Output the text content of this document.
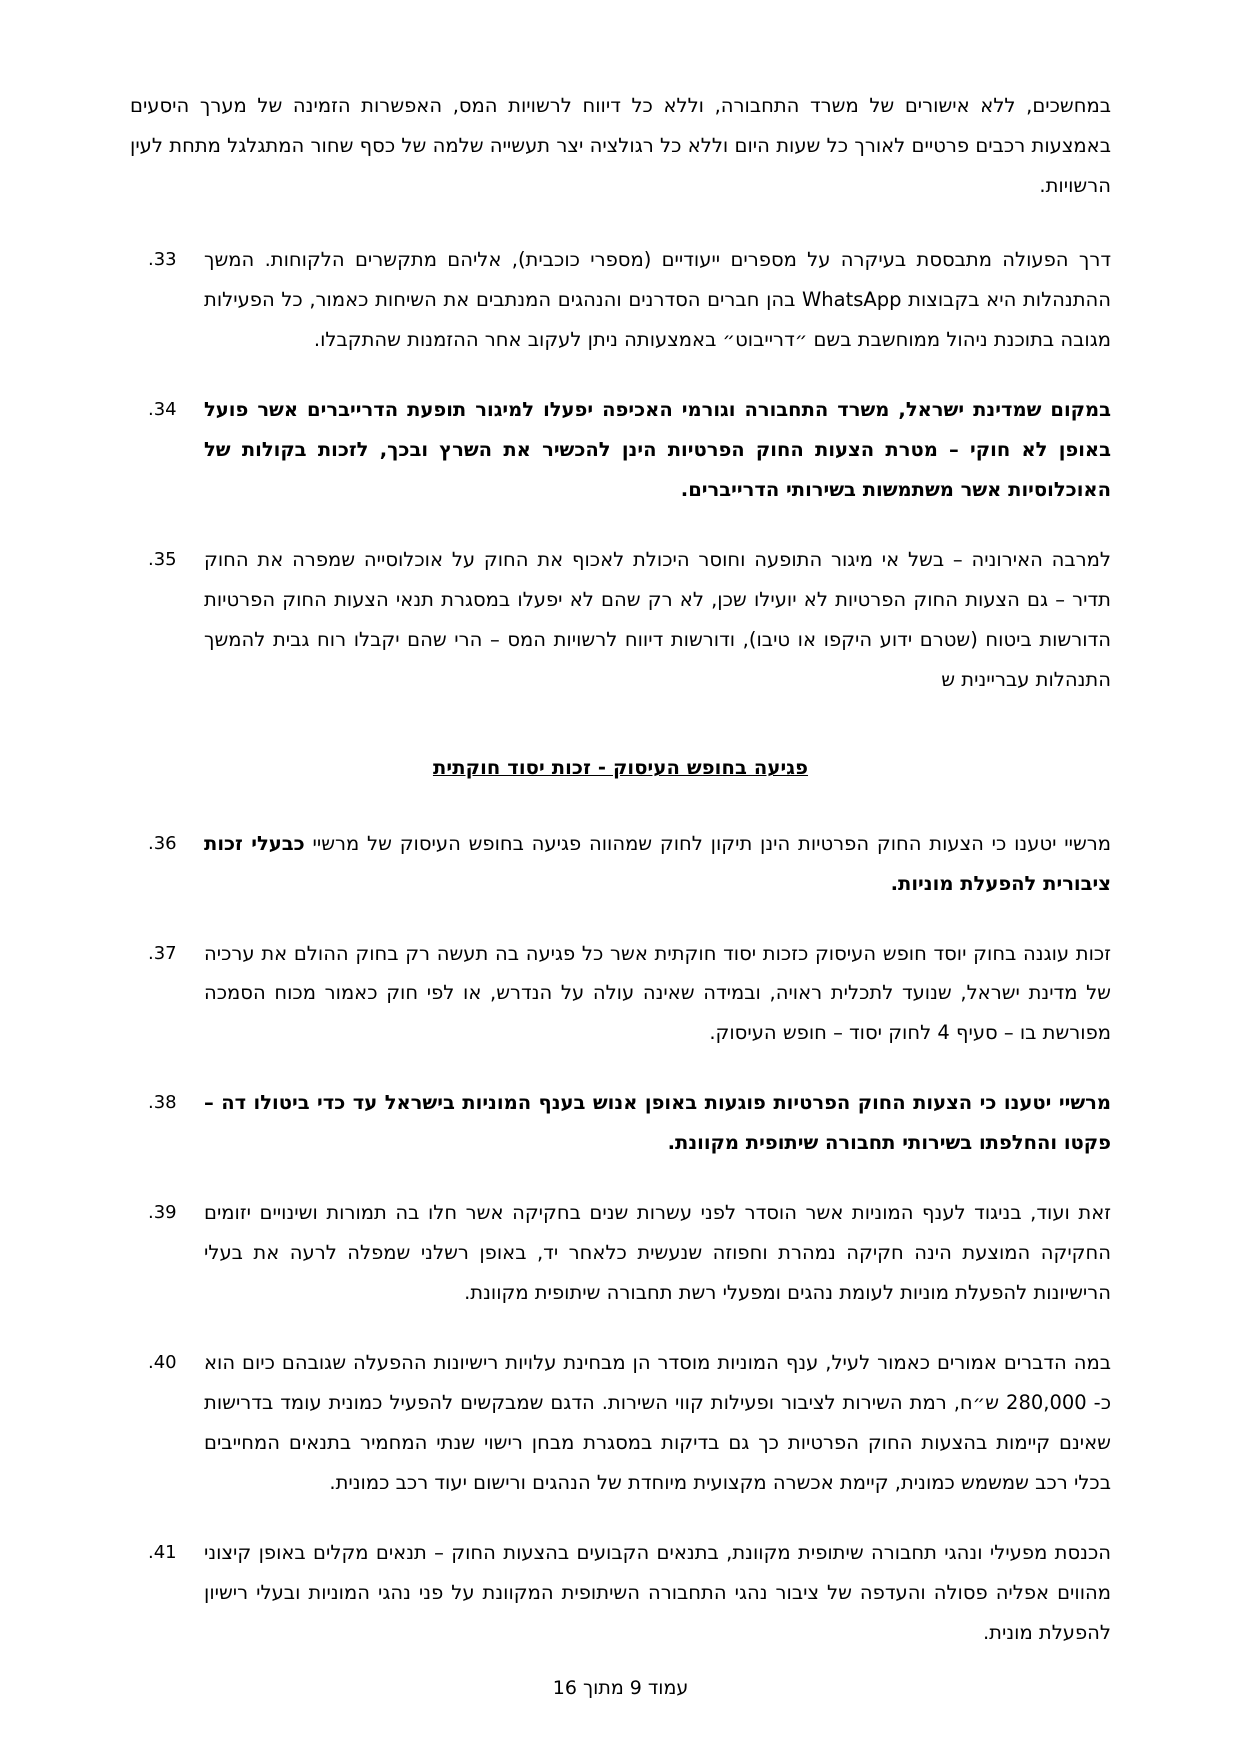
במחשכים, ללא אישורים של משרד התחבורה, וללא כל דיווח לרשויות המס, האפשרות הזמינה של מערך היסעים באמצעות רכבים פרטיים לאורך כל שעות היום וללא כל רגולציה יצר תעשייה שלמה של כסף שחור המתגלגל מתחת לעין הרשויות.

דרך הפעולה מתבססת בעיקרה על מספרים ייעודיים (מספרי כוכבית), אליהם מתקשרים הלקוחות. המשך ההתנהלות היא בקבוצות WhatsApp בהן חברים הסדרנים והנהגים המנתבים את השיחות כאמור, כל הפעילות מגובה בתוכנת ניהול ממוחשבת בשם ״דרייבוט״ באמצעותה ניתן לעקוב אחר ההזמנות שהתקבלו.
.33
במקום שמדינת ישראל, משרד התחבורה וגורמי האכיפה יפעלו למיגור תופעת הדרייברים אשר פועל באופן לא חוקי – מטרת הצעות החוק הפרטיות הינן להכשיר את השרץ ובכך, לזכות בקולות של האוכלוסיות אשר משתמשות בשירותי הדרייברים.
.34
למרבה האירוניה – בשל אי מיגור התופעה וחוסר היכולת לאכוף את החוק על אוכלוסייה שמפרה את החוק תדיר – גם הצעות החוק הפרטיות לא יועילו שכן, לא רק שהם לא יפעלו במסגרת תנאי הצעות החוק הפרטיות הדורשות ביטוח (שטרם ידוע היקפו או טיבו), ודורשות דיווח לרשויות המס – הרי שהם יקבלו רוח גבית להמשך התנהלות עבריינית ש
.35
פגיעה בחופש העיסוק - זכות יסוד חוקתית
מרשיי יטענו כי הצעות החוק הפרטיות הינן תיקון לחוק שמהווה פגיעה בחופש העיסוק של מרשיי כבעלי זכות ציבורית להפעלת מוניות.
.36
זכות עוגנה בחוק יוסד חופש העיסוק כזכות יסוד חוקתית אשר כל פגיעה בה תעשה רק בחוק ההולם את ערכיה של מדינת ישראל, שנועד לתכלית ראויה, ובמידה שאינה עולה על הנדרש, או לפי חוק כאמור מכוח הסמכה מפורשת בו – סעיף 4 לחוק יסוד – חופש העיסוק.
.37
מרשיי יטענו כי הצעות החוק הפרטיות פוגעות באופן אנוש בענף המוניות בישראל עד כדי ביטולו דה – פקטו והחלפתו בשירותי תחבורה שיתופית מקוונת.
.38
זאת ועוד, בניגוד לענף המוניות אשר הוסדר לפני עשרות שנים בחקיקה אשר חלו בה תמורות ושינויים יזומים החקיקה המוצעת הינה חקיקה נמהרת וחפוזה שנעשית כלאחר יד, באופן רשלני שמפלה לרעה את בעלי הרישיונות להפעלת מוניות לעומת נהגים ומפעלי רשת תחבורה שיתופית מקוונת.
.39
במה הדברים אמורים כאמור לעיל, ענף המוניות מוסדר הן מבחינת עלויות רישיונות ההפעלה שגובהם כיום הוא כ- 280,000 ש״ח, רמת השירות לציבור ופעילות קווי השירות. הדגם שמבקשים להפעיל כמונית עומד בדרישות שאינם קיימות בהצעות החוק הפרטיות כך גם בדיקות במסגרת מבחן רישוי שנתי המחמיר בתנאים המחייבים בכלי רכב שמשמש כמונית, קיימת אכשרה מקצועית מיוחדת של הנהגים ורישום יעוד רכב כמונית.
.40
הכנסת מפעילי ונהגי תחבורה שיתופית מקוונת, בתנאים הקבועים בהצעות החוק – תנאים מקלים באופן קיצוני מהווים אפליה פסולה והעדפה של ציבור נהגי התחבורה השיתופית המקוונת על פני נהגי המוניות ובעלי רישיון להפעלת מונית.
.41
עמוד 9 מתוך 16
